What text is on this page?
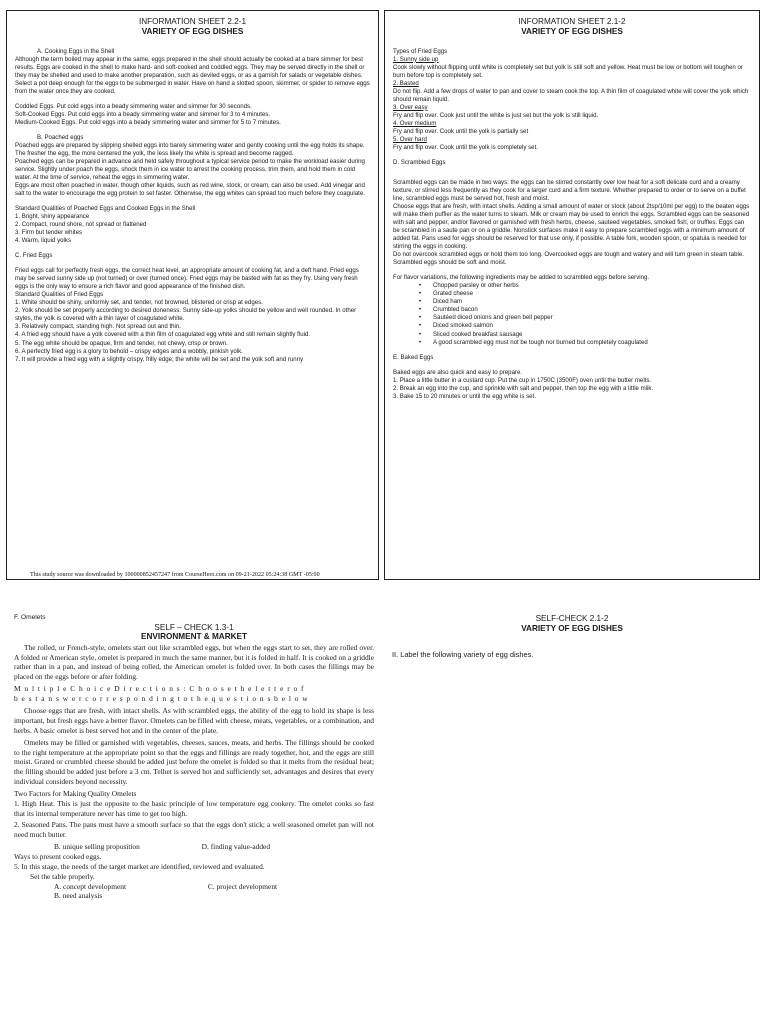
INFORMATION SHEET 2.2-1

VARIETY OF EGG DISHES

A. Cooking Eggs in the Shell

Although the term boiled may appear in the same, eggs prepared in the shell should actually be cooked at a bare simmer for best results. Eggs are cooked in the shell to make hard- and soft-cooked and coddled eggs. They may be served directly in the shell or they may be shelled and used to make another preparation, such as deviled eggs, or as a garnish for salads or vegetable dishes. Select a pot deep enough for the eggs to be submerged in water. Have on hand a slotted spoon, skimmer, or spider to remove eggs from the water once they are cooked.

Coddled Eggs. Put cold eggs into a beady simmering water and simmer for 30 seconds.

Soft-Cooked Eggs. Put cold eggs into a beady simmering water and simmer for 3 to 4 minutes.

Medium-Cooked Eggs. Put cold eggs into a beady simmering water and simmer for 5 to 7 minutes.

B. Poached eggs

Poached eggs are prepared by slipping shelled eggs into barely simmering water and gently cooking until the egg holds its shape. The fresher the egg, the more centered the yolk, the less likely the white is spread and become ragged.

Poached eggs can be prepared in advance and held safely throughout a typical service period to make the workload easier during service. Slightly under poach the eggs, shock them in ice water to arrest the cooking process, trim them, and hold them in cold water. At the time of service, reheat the eggs in simmering water.

Eggs are most often poached in water, though other liquids, such as red wine, stock, or cream, can also be used. Add vinegar and salt to the water to encourage the egg protein to set faster. Otherwise, the egg whites can spread too much before they coagulate.

Standard Qualities of Poached Eggs and Cooked Eggs in the Shell

1. Bright, shiny appearance

2. Compact, round shore, not spread or flattened

3. Firm but tender whites

4. Warm, liquid yolks

C. Fried Eggs

Fried eggs call for perfectly fresh eggs, the correct heat level, an appropriate amount of cooking fat, and a deft hand. Fried eggs may be served sunny side up (not turned) or over (turned once). Fried eggs may be basted with fat as they fry. Using very fresh eggs is the only way to ensure a rich flavor and good appearance of the finished dish.

Standard Qualities of Fried Eggs

1. White should be shiny, uniformly set, and tender, not browned, blistered or crisp at edges.

2. Yolk should be set properly according to desired doneness. Sunny side-up yolks should be yellow and well rounded. In other styles, the yolk is covered with a thin layer of coagulated white.

3. Relatively compact, standing high. Not spread out and thin.

4. A fried egg should have a yolk covered with a thin film of coagulated egg white and still remain slightly fluid.

5. The egg white should be opaque, firm and tender, not chewy, crisp or brown.

6. A perfectly fried egg is a glory to behold – crispy edges and a wobbly, pinkish yolk.

7. It will provide a fried egg with a slightly crispy, frilly edge; the white will be set and the yolk soft and runny

INFORMATION SHEET 2.1-2

VARIETY OF EGG DISHES

Types of Fried Eggs

1. Sunny side up

Cook slowly without flipping until white is completely set but yolk is still soft and yellow. Heat must be low or bottom will toughen or burn before top is completely set.

2. Basted

Do not flip. Add a few drops of water to pan and cover to steam cook the top. A thin film of coagulated white will cover the yolk which should remain liquid.

3. Over easy

Fry and flip over. Cook just until the white is just set but the yolk is still liquid.

4. Over medium

Fry and flip over. Cook until the yolk is partially set

5. Over hard

Fry and flip over. Cook until the yolk is completely set.

D. Scrambled Eggs

Scrambled eggs can be made in two ways: the eggs can be stirred constantly over low heat for a soft delicate curd and a creamy texture, or stirred less frequently as they cook for a larger curd and a firm texture. Whether prepared to order or to serve on a buffet line, scrambled eggs must be served hot, fresh and moist.

Choose eggs that are fresh, with intact shells. Adding a small amount of water or stock (about 2tsp/10ml per egg) to the beaten eggs will make them puffier as the water turns to steam. Milk or cream may be used to enrich the eggs. Scrambled eggs can be seasoned with salt and pepper, and/or flavored or garnished with fresh herbs, cheese, sauteed vegetables, smoked fish, or truffles. Eggs can be scrambled in a saute pan or on a griddle. Nonstick surfaces make it easy to prepare scrambled eggs with a minimum amount of added fat. Pans used for eggs should be reserved for that use only, if possible. A table fork, wooden spoon, or spatula is needed for stirring the eggs in cooking.

Do not overcook scrambled eggs or hold them too long. Overcooked eggs are tough and watery and will turn green in steam table. Scrambled eggs should be soft and moist.

For flavor variations, the following ingredients may be added to scrambled eggs before serving.

• Chopped parsley or other herbs
• Grated cheese
• Diced ham
• Crumbled bacon
• Sautéed diced onions and green bell pepper
• Diced smoked salmon
• Sliced cooked breakfast sausage
• A good scrambled egg must not be tough nor burned but completely coagulated

E. Baked Eggs

Baked eggs are also quick and easy to prepare.

1. Place a little butter in a custard cup. Put the cup in 1750C (3500F) oven until the butter melts.

2. Break an egg into the cup, and sprinkle with salt and pepper, then top the egg with a little milk.

3. Bake 15 to 20 minutes or until the egg white is set.

This study source was downloaded by 100000852457247 from CourseHero.com on 09-21-2022 05:24:38 GMT -05:00

F. Omelets

SELF – CHECK 1.3-1

ENVIRONMENT & MARKET

The rolled, or French-style, omelets start out like scrambled eggs, but when the eggs start to set, they are rolled over. A folded or American style, omelet is prepared in much the same manner, but it is folded in half. It is cooked on a griddle rather than in a pan, and instead of being rolled, the American omelet is folded over. In both cases the fillings may be placed on the eggs before or after folding.

M u l t i p l e C h o i c e D i r e c t i o n s : C h o o s e t h e l e t t e r o f
b e s t a n s w e r c o r r e s p o n d i n g t o t h e q u e s t i o n s b e l o w

Choose eggs that are fresh, with intact shells. As with scrambled eggs, the ability of the egg to hold its shape is less important, but fresh eggs have a better flavor. Omelets can be filled with cheese, meats, vegetables, or a combination, and herbs. A basic omelet is best served hot and in the center of the plate.

Omelets may be filled or garnished with vegetables, cheeses, sauces, meats, and herbs. The fillings should be cooked to the right temperature at the appropriate point so that the eggs and fillings are ready together, hot, and the eggs are still moist. Grated or crumbled cheese should be added just before the omelet is folded so that it melts from the residual heat; the filling should be added just before a 3 cm. Telhet is served hot and sufficiently set, advantages and desires that every individual considers beyond necessity.

Two Factors for Making Quality Omelets

1. High Heat. This is just the opposite to the basic principle of low temperature egg cookery. The omelet cooks so fast that its internal temperature never has time to get too high.

2. Seasoned Pans. The pans must have a smooth surface so that the eggs don't stick; a well seasoned omelet pan will not need much butter.

B. unique selling proposition	D. finding value-added

Ways to present cooked eggs.

5. In this stage, the needs of the target market are identified, reviewed and evaluated.

Set the table properly.

A. concept development	C. project development

B. need analysis

SELF-CHECK 2.1-2

VARIETY OF EGG DISHES

II. Label the following variety of egg dishes.
